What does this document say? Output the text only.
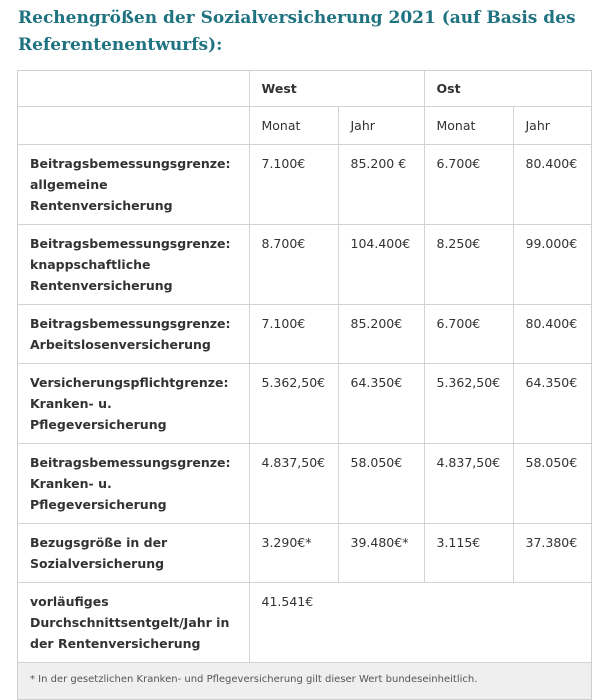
Rechengrößen der Sozialversicherung 2021 (auf Basis des Referentenentwurfs):
	West		Ost	
	Monat	Jahr	Monat	Jahr
Beitragsbemessungsgrenze: allgemeine Rentenversicherung	7.100€	85.200 €	6.700€	80.400€
Beitragsbemessungsgrenze: knappschaftliche Rentenversicherung	8.700€	104.400€	8.250€	99.000€
Beitragsbemessungsgrenze: Arbeitslosenversicherung	7.100€	85.200€	6.700€	80.400€
Versicherungspflichtgrenze: Kranken- u. Pflegeversicherung	5.362,50€	64.350€	5.362,50€	64.350€
Beitragsbemessungsgrenze: Kranken- u. Pflegeversicherung	4.837,50€	58.050€	4.837,50€	58.050€
Bezugsgröße in der Sozialversicherung	3.290€*	39.480€*	3.115€	37.380€
vorläufiges Durchschnittsentgelt/Jahr in der Rentenversicherung	41.541€			
* In der gesetzlichen Kranken- und Pflegeversicherung gilt dieser Wert bundeseinheitlich.				
